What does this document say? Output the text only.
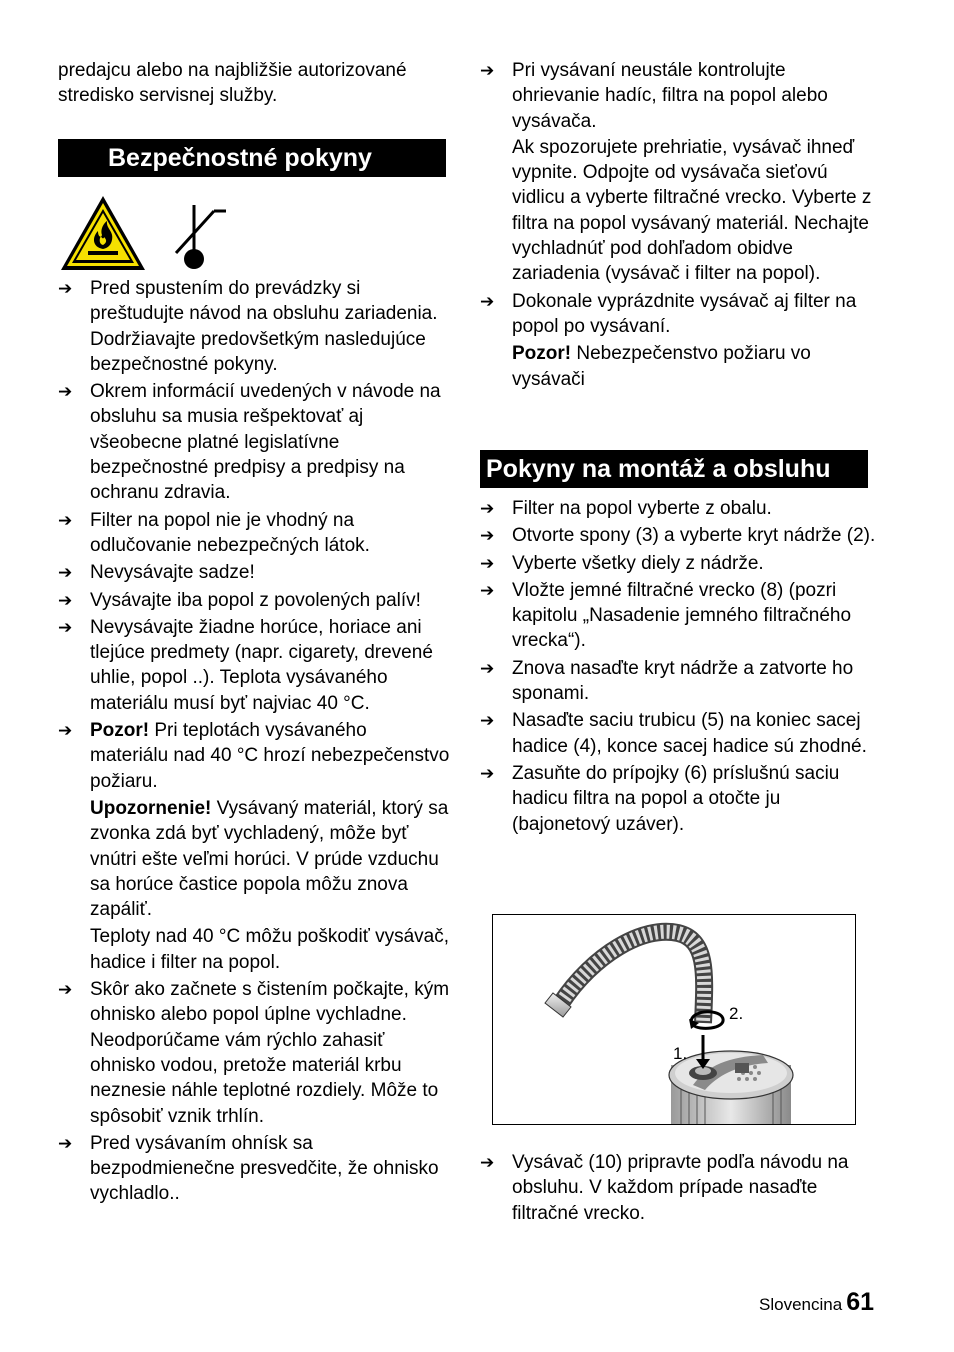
predajcu alebo na najbližšie autorizované stredisko servisnej služby.

Bezpečnostné pokyny
➔ Pred spustením do prevádzky si preštudujte návod na obsluhu zariadenia. Dodržiavajte predovšetkým nasledujúce bezpečnostné pokyny.

➔ Okrem informácií uvedených v návode na obsluhu sa musia rešpektovať aj všeobecne platné legislatívne bezpečnostné predpisy a predpisy na ochranu zdravia.

➔ Filter na popol nie je vhodný na odlučovanie nebezpečných látok.

➔ Nevysávajte sadze!

➔ Vysávajte iba popol z povolených palív!

➔ Nevysávajte žiadne horúce, horiace ani tlejúce predmety (napr. cigarety, drevené uhlie, popol ..). Teplota vysávaného materiálu musí byť najviac 40 °C.

➔ Pozor! Pri teplotách vysávaného materiálu nad 40 °C hrozí nebezpečenstvo požiaru.

Upozornenie! Vysávaný materiál, ktorý sa zvonka zdá byť vychladený, môže byť vnútri ešte veľmi horúci. V prúde vzduchu sa horúce častice popola môžu znova zapáliť.

Teploty nad 40 °C môžu poškodiť vysávač, hadice i filter na popol.

➔ Skôr ako začnete s čistením počkajte, kým ohnisko alebo popol úplne vychladne. Neodporúčame vám rýchlo zahasiť ohnisko vodou, pretože materiál krbu neznesie náhle teplotné rozdiely. Môže to spôsobiť vznik trhlín.

➔ Pred vysávaním ohnísk sa bezpodmienečne presvedčite, že ohnisko vychladlo..

➔ Pri vysávaní neustále kontrolujte ohrievanie hadíc, filtra na popol alebo vysávača.

Ak spozorujete prehriatie, vysávač ihneď vypnite. Odpojte od vysávača sieťovú vidlicu a vyberte filtračné vrecko. Vyberte z filtra na popol vysávaný materiál. Nechajte vychladnúť pod dohľadom obidve zariadenia (vysávač i filter na popol).

➔ Dokonale vyprázdnite vysávač aj filter na popol po vysávaní.

Pozor! Nebezpečenstvo požiaru vo vysávači

Pokyny na montáž a obsluhu
➔ Filter na popol vyberte z obalu.

➔ Otvorte spony (3) a vyberte kryt nádrže (2).

➔ Vyberte všetky diely z nádrže.

➔ Vložte jemné filtračné vrecko (8) (pozri kapitolu „Nasadenie jemného filtračného vrecka“).

➔ Znova nasaďte kryt nádrže a zatvorte ho sponami.

➔ Nasaďte saciu trubicu (5) na koniec sacej hadice (4), konce sacej hadice sú zhodné.

➔ Zasuňte do prípojky (6) príslušnú saciu hadicu filtra na popol a otočte ju (bajonetový uzáver).

2.
1.
➔ Vysávač (10) pripravte podľa návodu na obsluhu. V každom prípade nasaďte filtračné vrecko.

Slovencina 61
